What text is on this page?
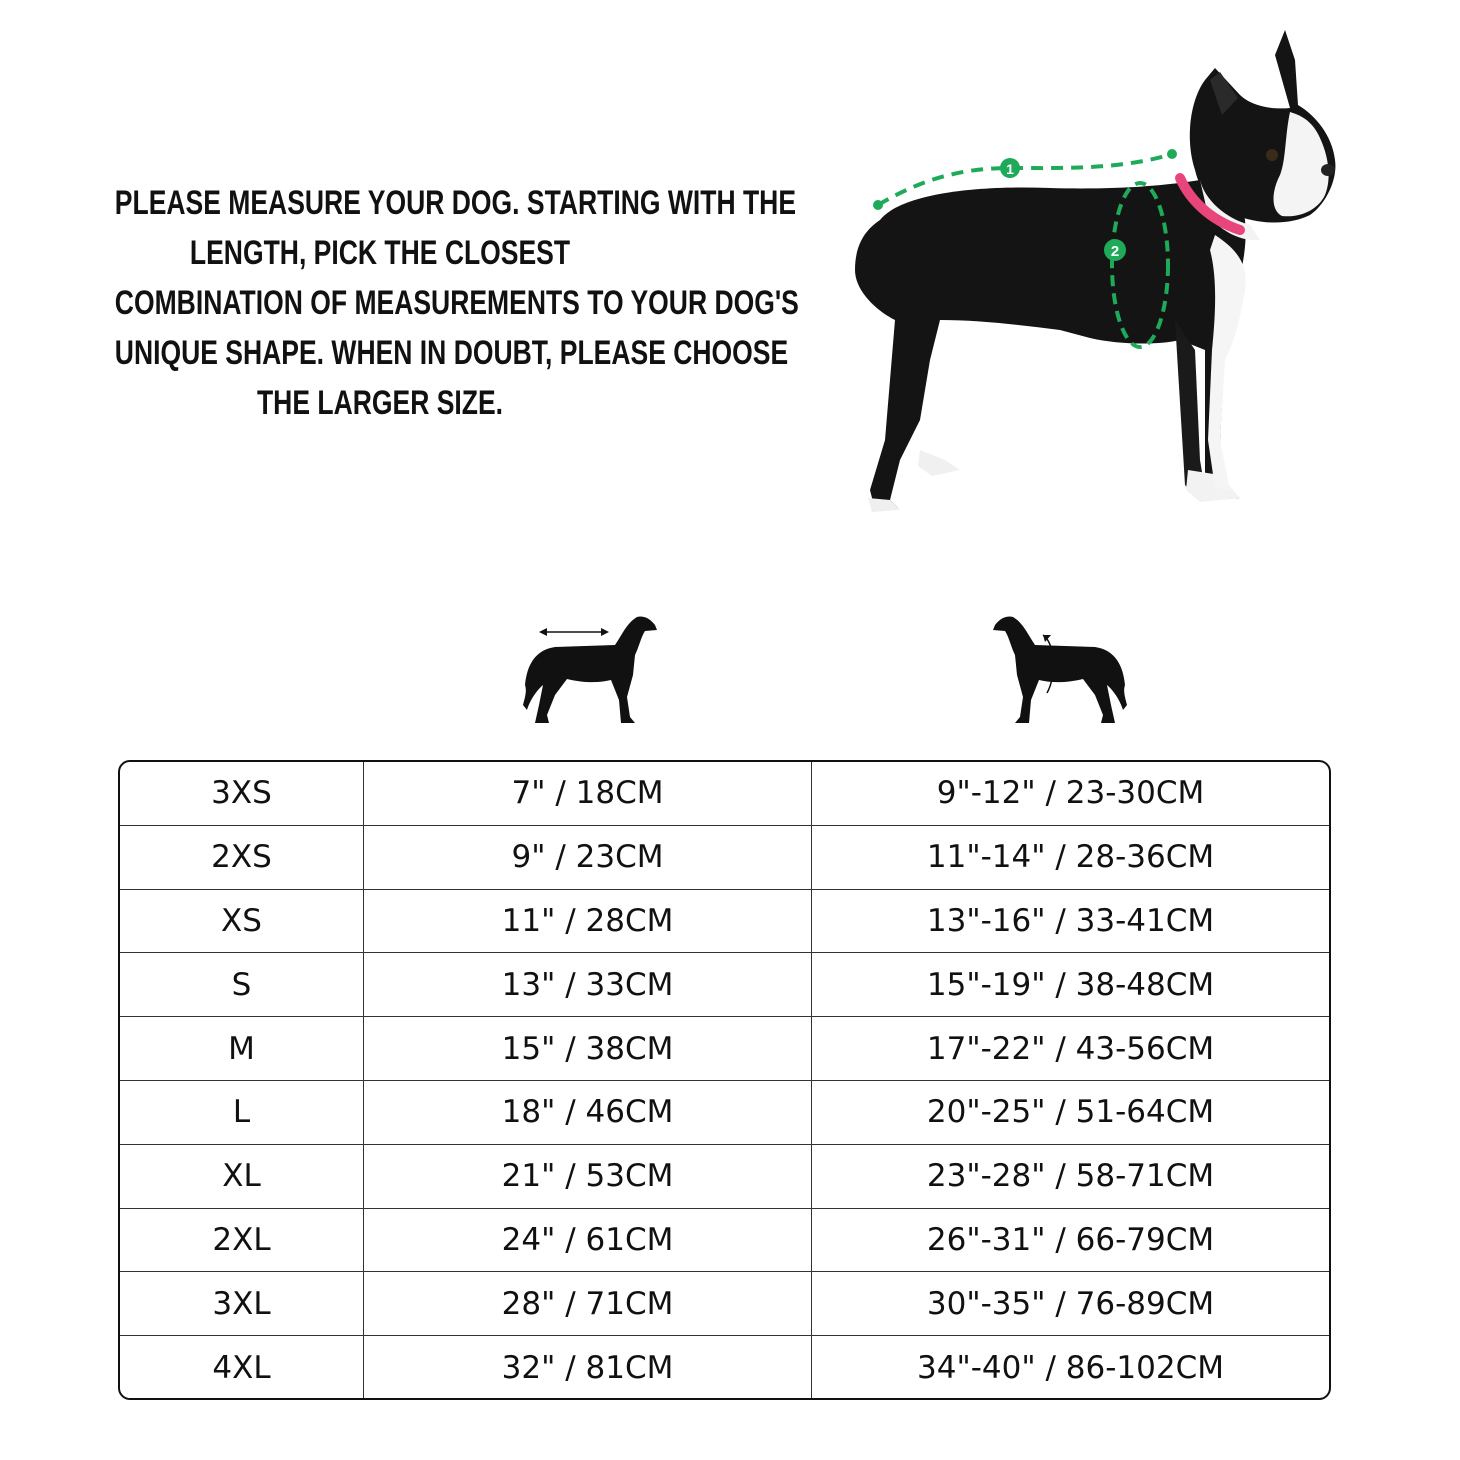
PLEASE MEASURE YOUR DOG. STARTING WITH THE
LENGTH, PICK THE CLOSEST
COMBINATION OF MEASUREMENTS TO YOUR DOG'S
UNIQUE SHAPE. WHEN IN DOUBT, PLEASE CHOOSE
THE LARGER SIZE.
1
2
3XS	7" / 18CM	9"-12" / 23-30CM
2XS	9" / 23CM	11"-14" / 28-36CM
XS	11" / 28CM	13"-16" / 33-41CM
S	13" / 33CM	15"-19" / 38-48CM
M	15" / 38CM	17"-22" / 43-56CM
L	18" / 46CM	20"-25" / 51-64CM
XL	21" / 53CM	23"-28" / 58-71CM
2XL	24" / 61CM	26"-31" / 66-79CM
3XL	28" / 71CM	30"-35" / 76-89CM
4XL	32" / 81CM	34"-40" / 86-102CM
